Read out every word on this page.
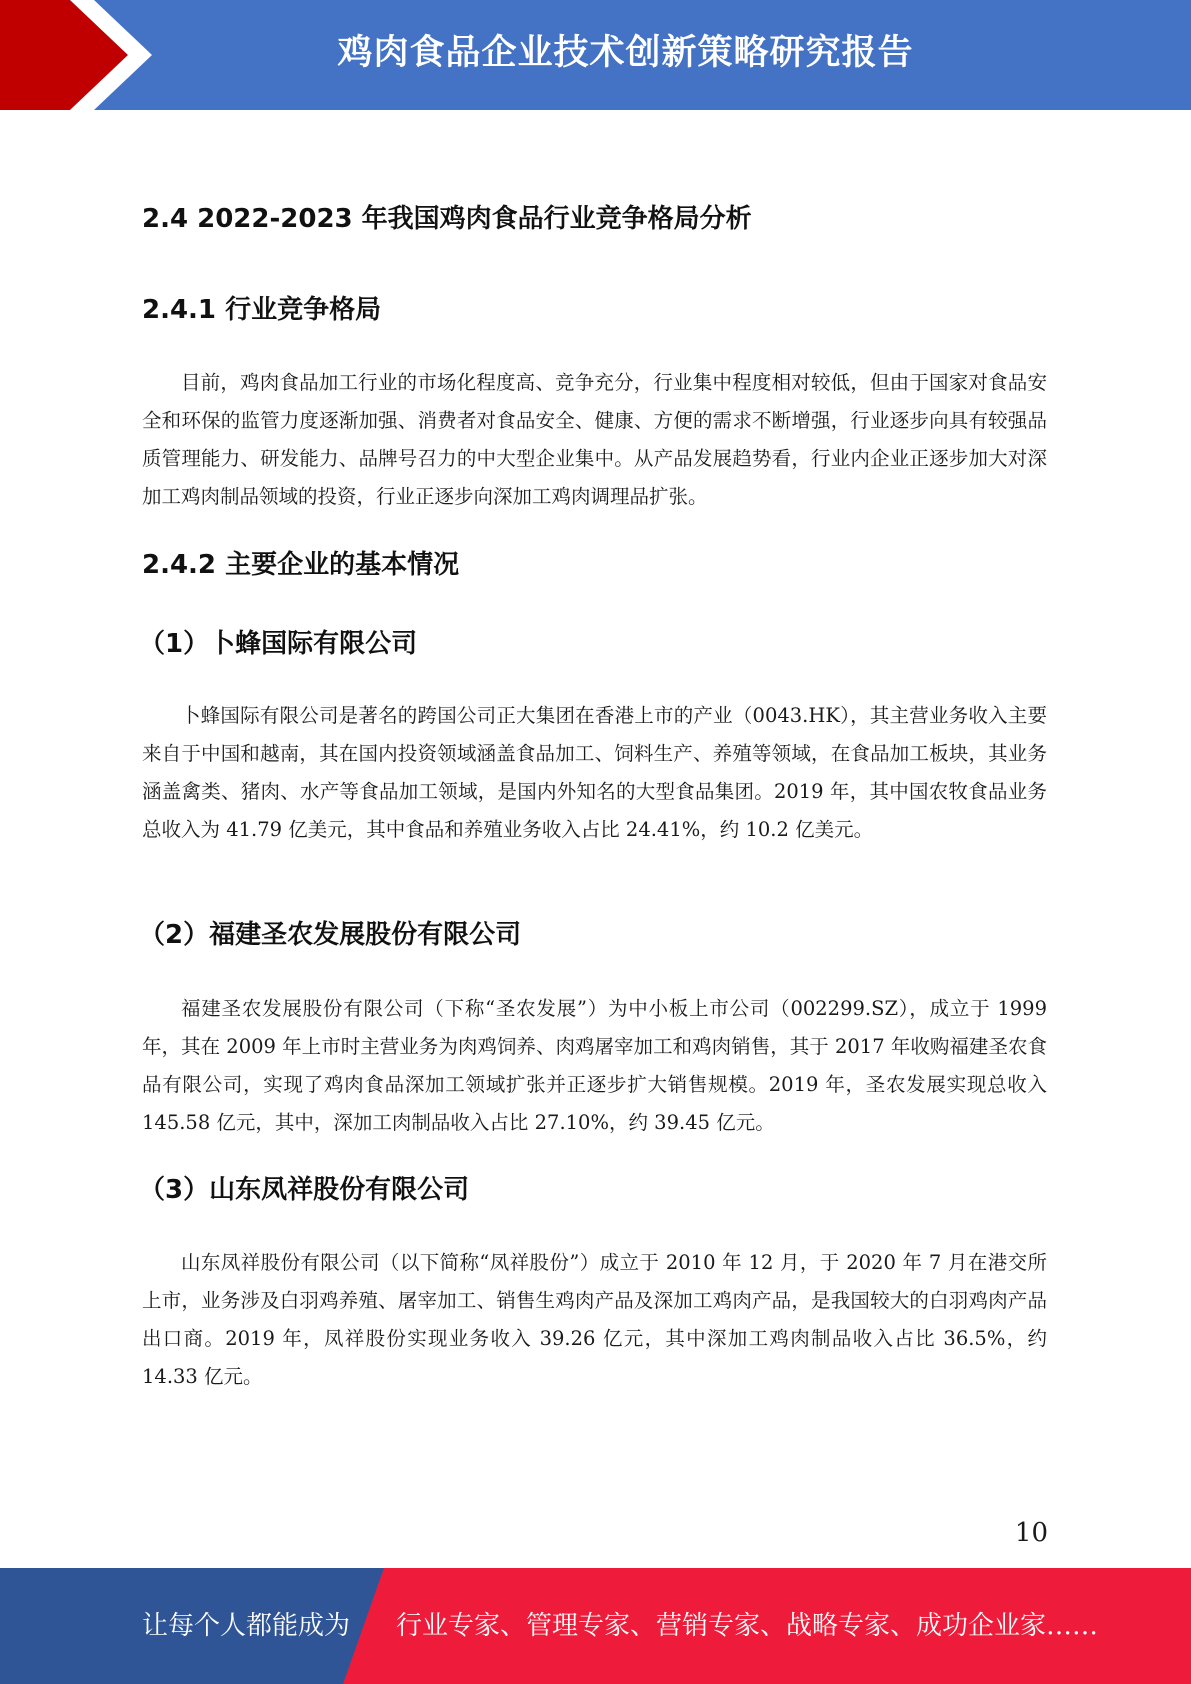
鸡肉食品企业技术创新策略研究报告
2.4 2022-2023 年我国鸡肉食品行业竞争格局分析
2.4.1 行业竞争格局

目前，鸡肉食品加工行业的市场化程度高、竞争充分，行业集中程度相对较低，但由于国家对食品安全和环保的监管力度逐渐加强、消费者对食品安全、健康、方便的需求不断增强，行业逐步向具有较强品质管理能力、研发能力、品牌号召力的中大型企业集中。从产品发展趋势看，行业内企业正逐步加大对深加工鸡肉制品领域的投资，行业正逐步向深加工鸡肉调理品扩张。

2.4.2 主要企业的基本情况
（1）卜蜂国际有限公司

卜蜂国际有限公司是著名的跨国公司正大集团在香港上市的产业（0043.HK），其主营业务收入主要来自于中国和越南，其在国内投资领域涵盖食品加工、饲料生产、养殖等领域，在食品加工板块，其业务涵盖禽类、猪肉、水产等食品加工领域，是国内外知名的大型食品集团。2019 年，其中国农牧食品业务总收入为 41.79 亿美元，其中食品和养殖业务收入占比 24.41%，约 10.2 亿美元。

（2）福建圣农发展股份有限公司

福建圣农发展股份有限公司（下称“圣农发展”）为中小板上市公司（002299.SZ），成立于 1999 年，其在 2009 年上市时主营业务为肉鸡饲养、肉鸡屠宰加工和鸡肉销售，其于 2017 年收购福建圣农食品有限公司，实现了鸡肉食品深加工领域扩张并正逐步扩大销售规模。2019 年，圣农发展实现总收入 145.58 亿元，其中，深加工肉制品收入占比 27.10%，约 39.45 亿元。

（3）山东凤祥股份有限公司

山东凤祥股份有限公司（以下简称“凤祥股份”）成立于 2010 年 12 月，于 2020 年 7 月在港交所上市，业务涉及白羽鸡养殖、屠宰加工、销售生鸡肉产品及深加工鸡肉产品，是我国较大的白羽鸡肉产品出口商。2019 年，凤祥股份实现业务收入 39.26 亿元，其中深加工鸡肉制品收入占比 36.5%，约 14.33 亿元。

10
让每个人都能成为 行业专家、管理专家、营销专家、战略专家、成功企业家……
